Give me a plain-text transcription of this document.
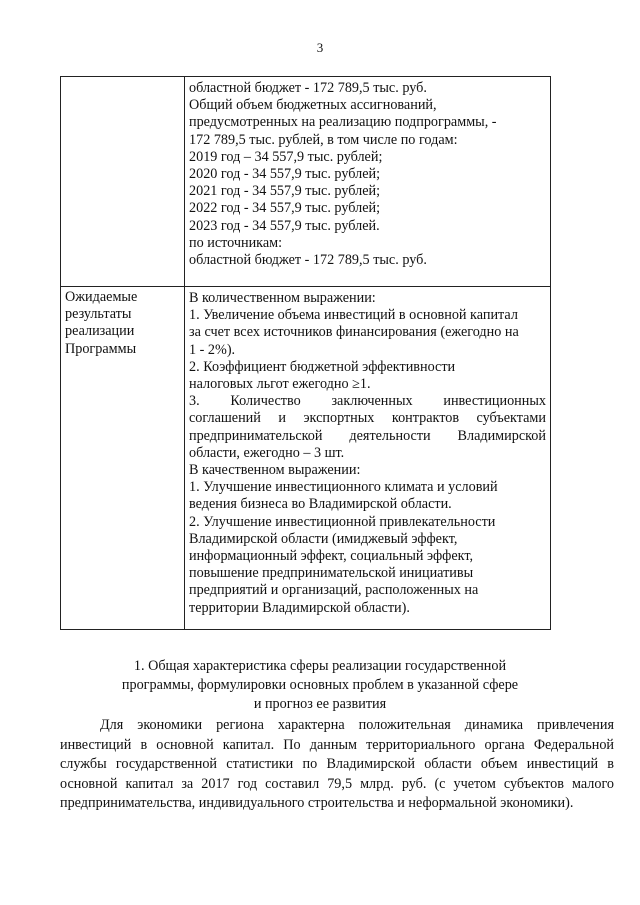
3
областной бюджет - 172 789,5 тыс. руб.
Общий объем бюджетных ассигнований,
предусмотренных на реализацию подпрограммы, -
172 789,5 тыс. рублей, в том числе по годам:
2019 год – 34 557,9 тыс. рублей;
2020 год - 34 557,9 тыс. рублей;
2021 год - 34 557,9 тыс. рублей;
2022 год - 34 557,9 тыс. рублей;
2023 год - 34 557,9 тыс. рублей.
по источникам:
областной бюджет - 172 789,5 тыс. руб.
Ожидаемые
результаты
реализации
Программы
В количественном выражении:
1. Увеличение объема инвестиций в основной капитал
за счет всех источников финансирования (ежегодно на
1 - 2%).
2. Коэффициент бюджетной эффективности
налоговых льгот ежегодно ≥1.
3. Количество заключенных инвестиционных
соглашений и экспортных контрактов субъектами
предпринимательской деятельности Владимирской
области, ежегодно – 3 шт.
В качественном выражении:
1. Улучшение инвестиционного климата и условий
ведения бизнеса во Владимирской области.
2. Улучшение инвестиционной привлекательности
Владимирской области (имиджевый эффект,
информационный эффект, социальный эффект,
повышение предпринимательской инициативы
предприятий и организаций, расположенных на
территории Владимирской области).
1. Общая характеристика сферы реализации государственной
программы, формулировки основных проблем в указанной сфере
и прогноз ее развития
Для экономики региона характерна положительная динамика привлечения
инвестиций в основной капитал. По данным территориального органа Федеральной
службы государственной статистики по Владимирской области объем инвестиций в
основной капитал за 2017 год составил 79,5 млрд. руб. (с учетом субъектов малого
предпринимательства, индивидуального строительства и неформальной экономики).
